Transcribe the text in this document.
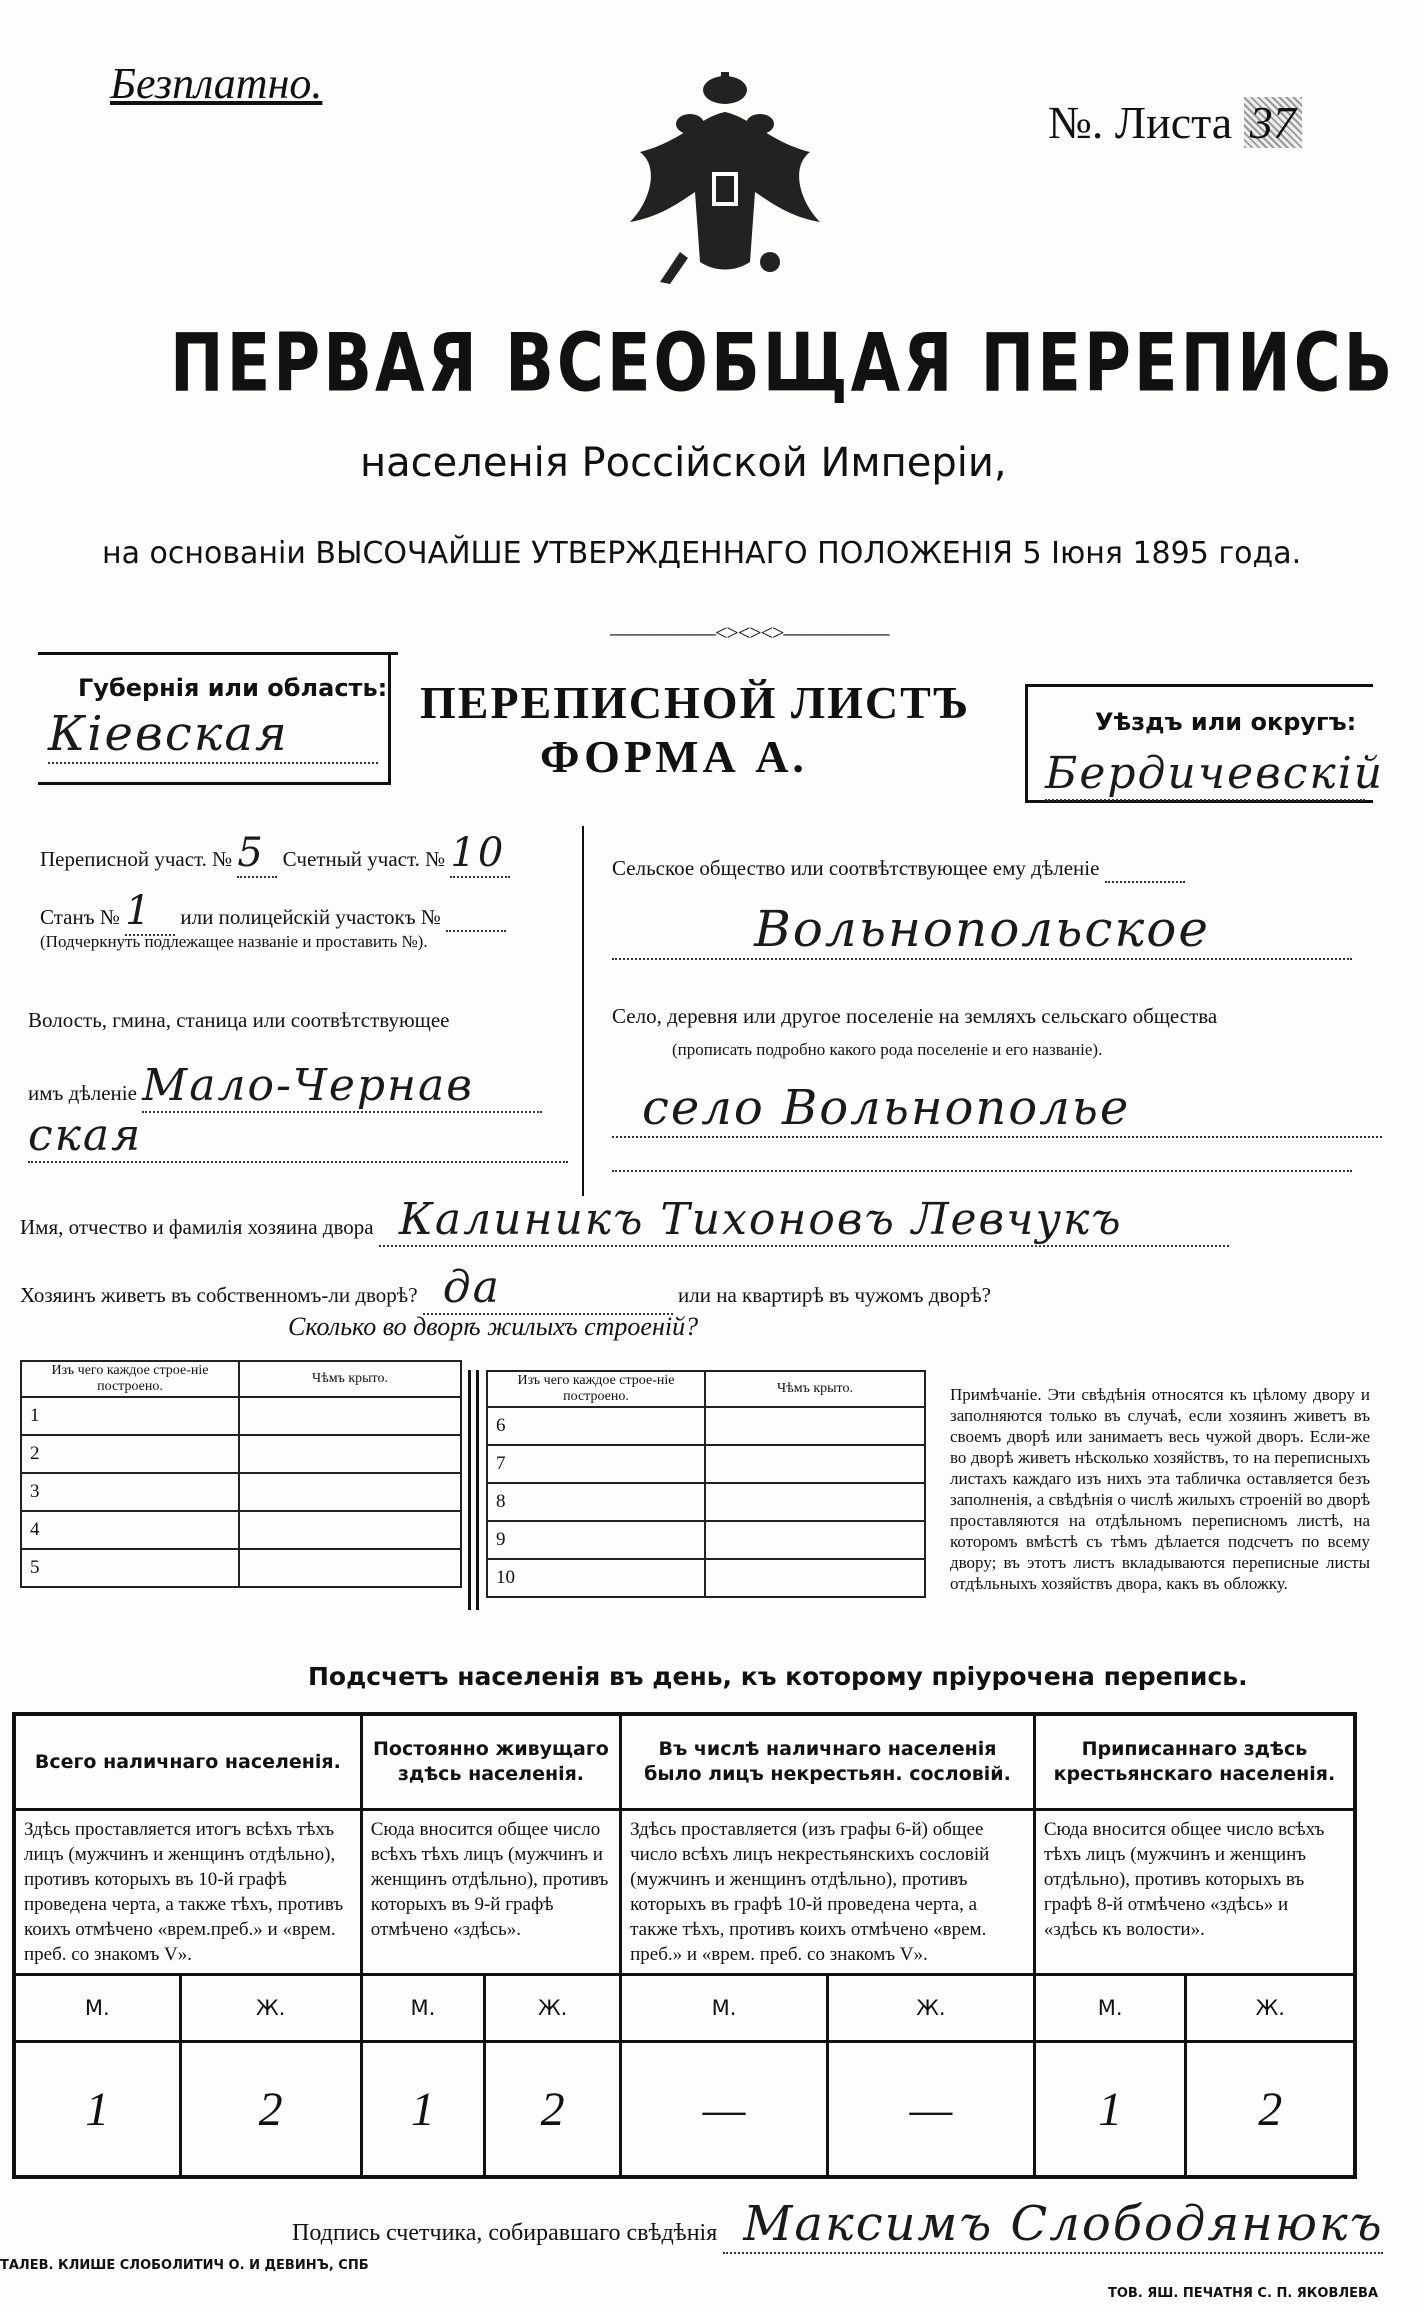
Безплатно.
№. Листа 37
ПЕРВАЯ ВСЕОБЩАЯ ПЕРЕПИСЬ
населенія Россійской Имперіи,
на основаніи ВЫСОЧАЙШЕ УТВЕРЖДЕННАГО ПОЛОЖЕНІЯ 5 Іюня 1895 года.
—————<><><>—————
Губернія или область:
Кіевская
ПЕРЕПИСНОЙ ЛИСТЪ
ФОРМА А.
Уѣздъ или округъ:
Бердичевскій
Переписной участ. № 5 Счетный участ. № 10
Станъ № 1 или полицейскій участокъ №
(Подчеркнуть подлежащее названіе и проставить №).
Волость, гмина, станица или соотвѣтствующее
имъ дѣленіе Мало-Чернав
ская
Сельское общество или соотвѣтствующее ему дѣленіе
Вольнопольское
Село, деревня или другое поселеніе на земляхъ сельскаго общества
(прописать подробно какого рода поселеніе и его названіе).
село Вольнополье
Имя, отчество и фамилія хозяина двора Калиникъ Тихоновъ Левчукъ
Хозяинъ живетъ въ собственномъ-ли дворѣ? да	или на квартирѣ въ чужомъ дворѣ?
Сколько во дворѣ жилыхъ строеній?
Изъ чего каждое строе-ніе построено.	Чѣмъ крыто.
1	
2	
3	
4	
5	
Изъ чего каждое строе-ніе построено.	Чѣмъ крыто.
6	
7	
8	
9	
10	
Примѣчаніе. Эти свѣдѣнія относятся къ цѣлому двору и заполняются только въ случаѣ, если хозяинъ живетъ въ своемъ дворѣ или занимаетъ весь чужой дворъ. Если-же во дворѣ живетъ нѣсколько хозяйствъ, то на переписныхъ листахъ каждаго изъ нихъ эта табличка оставляется безъ заполненія, а свѣдѣнія о числѣ жилыхъ строеній во дворѣ проставляются на отдѣльномъ переписномъ листѣ, на которомъ вмѣстѣ съ тѣмъ дѣлается подсчетъ по всему двору; въ этотъ листъ вкладываются переписные листы отдѣльныхъ хозяйствъ двора, какъ въ обложку.
Подсчетъ населенія въ день, къ которому пріурочена перепись.
Всего наличнаго населенія.		Постоянно живущаго здѣсь населенія.		Въ числѣ наличнаго населенія было лицъ некрестьян. сословій.		Приписаннаго здѣсь крестьянскаго населенія.	
Здѣсь проставляется итогъ всѣхъ тѣхъ лицъ (мужчинъ и женщинъ отдѣльно), противъ которыхъ въ 10-й графѣ проведена черта, а также тѣхъ, противъ коихъ отмѣчено «врем.преб.» и «врем. преб. со знакомъ V».		Сюда вносится общее число всѣхъ тѣхъ лицъ (мужчинъ и женщинъ отдѣльно), противъ которыхъ въ 9-й графѣ отмѣчено «здѣсь».		Здѣсь проставляется (изъ графы 6-й) общее число всѣхъ лицъ некрестьянскихъ сословій (мужчинъ и женщинъ отдѣльно), противъ которыхъ въ графѣ 10-й проведена черта, а также тѣхъ, противъ коихъ отмѣчено «врем. преб.» и «врем. преб. со знакомъ V».		Сюда вносится общее число всѣхъ тѣхъ лицъ (мужчинъ и женщинъ отдѣльно), противъ которыхъ въ графѣ 8-й отмѣчено «здѣсь» и «здѣсь къ волости».	
М.	Ж.	М.	Ж.	М.	Ж.	М.	Ж.
1	2	1	2	—	—	1	2
Подпись счетчика, собиравшаго свѣдѣнія Максимъ Слободянюкъ
ТАЛЕВ. КЛИШЕ СЛОБОЛИТИЧ О. И ДЕВИНЪ, СПБ
ТОВ. ЯШ. ПЕЧАТНЯ С. П. ЯКОВЛЕВА
